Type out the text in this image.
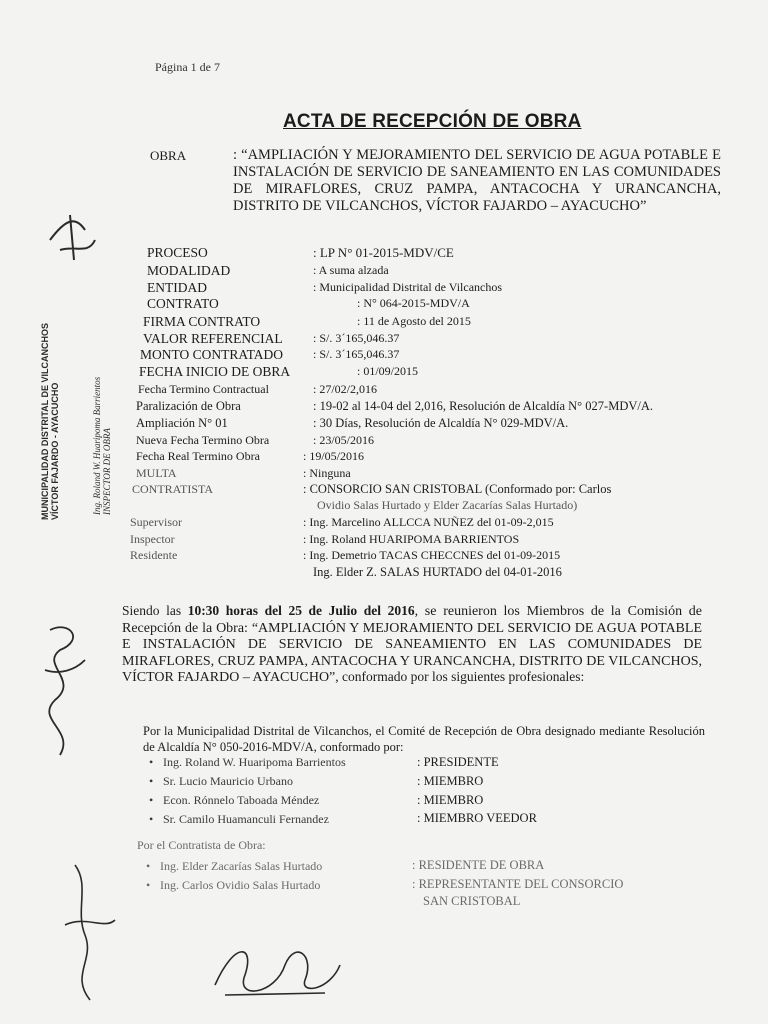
Página 1 de 7
ACTA DE RECEPCIÓN DE OBRA
OBRA	: “AMPLIACIÓN Y MEJORAMIENTO DEL SERVICIO DE AGUA POTABLE E INSTALACIÓN DE SERVICIO DE SANEAMIENTO EN LAS COMUNIDADES DE MIRAFLORES, CRUZ PAMPA, ANTACOCHA Y URANCANCHA, DISTRITO DE VILCANCHOS, VÍCTOR FAJARDO – AYACUCHO”
PROCESO	: LP N° 01-2015-MDV/CE
MODALIDAD	: A suma alzada
ENTIDAD	: Municipalidad Distrital de Vilcanchos
CONTRATO	: N° 064-2015-MDV/A
FIRMA CONTRATO	: 11 de Agosto del 2015
VALOR REFERENCIAL	: S/. 3´165,046.37
MONTO CONTRATADO : S/. 3´165,046.37
FECHA INICIO DE OBRA	: 01/09/2015
Fecha Termino Contractual	: 27/02/2,016
Paralización de Obra	: 19-02 al 14-04 del 2,016, Resolución de Alcaldía N° 027-MDV/A.
Ampliación N° 01	: 30 Días, Resolución de Alcaldía N° 029-MDV/A.
Nueva Fecha Termino Obra	: 23/05/2016
Fecha Real Termino Obra	: 19/05/2016
MULTA	: Ninguna
CONTRATISTA	: CONSORCIO SAN CRISTOBAL (Conformado por: Carlos
Ovidio Salas Hurtado y Elder Zacarías Salas Hurtado)
Supervisor	: Ing. Marcelino ALLCCA NUÑEZ del 01-09-2,015
Inspector	: Ing. Roland HUARIPOMA BARRIENTOS
Residente	: Ing. Demetrio TACAS CHECCNES del 01-09-2015
Ing. Elder Z. SALAS HURTADO del 04-01-2016
Siendo las 10:30 horas del 25 de Julio del 2016, se reunieron los Miembros de la Comisión de Recepción de la Obra: “AMPLIACIÓN Y MEJORAMIENTO DEL SERVICIO DE AGUA POTABLE E INSTALACIÓN DE SERVICIO DE SANEAMIENTO EN LAS COMUNIDADES DE MIRAFLORES, CRUZ PAMPA, ANTACOCHA Y URANCANCHA, DISTRITO DE VILCANCHOS, VÍCTOR FAJARDO – AYACUCHO”, conformado por los siguientes profesionales:
Por la Municipalidad Distrital de Vilcanchos, el Comité de Recepción de Obra designado mediante Resolución de Alcaldía N° 050-2016-MDV/A, conformado por:
• Ing. Roland W. Huaripoma Barrientos	: PRESIDENTE
• Sr. Lucio Mauricio Urbano	: MIEMBRO
• Econ. Rónnelo Taboada Méndez	: MIEMBRO
• Sr. Camilo Huamanculi Fernandez	: MIEMBRO VEEDOR
Por el Contratista de Obra:
• Ing. Elder Zacarías Salas Hurtado	: RESIDENTE DE OBRA
• Ing. Carlos Ovidio Salas Hurtado	: REPRESENTANTE DEL CONSORCIO
SAN CRISTOBAL
MUNICIPALIDAD DISTRITAL DE VILCANCHOS VÍCTOR FAJARDO - AYACUCHO	Ing. Roland W. Huaripoma Barrientos INSPECTOR DE OBRA
